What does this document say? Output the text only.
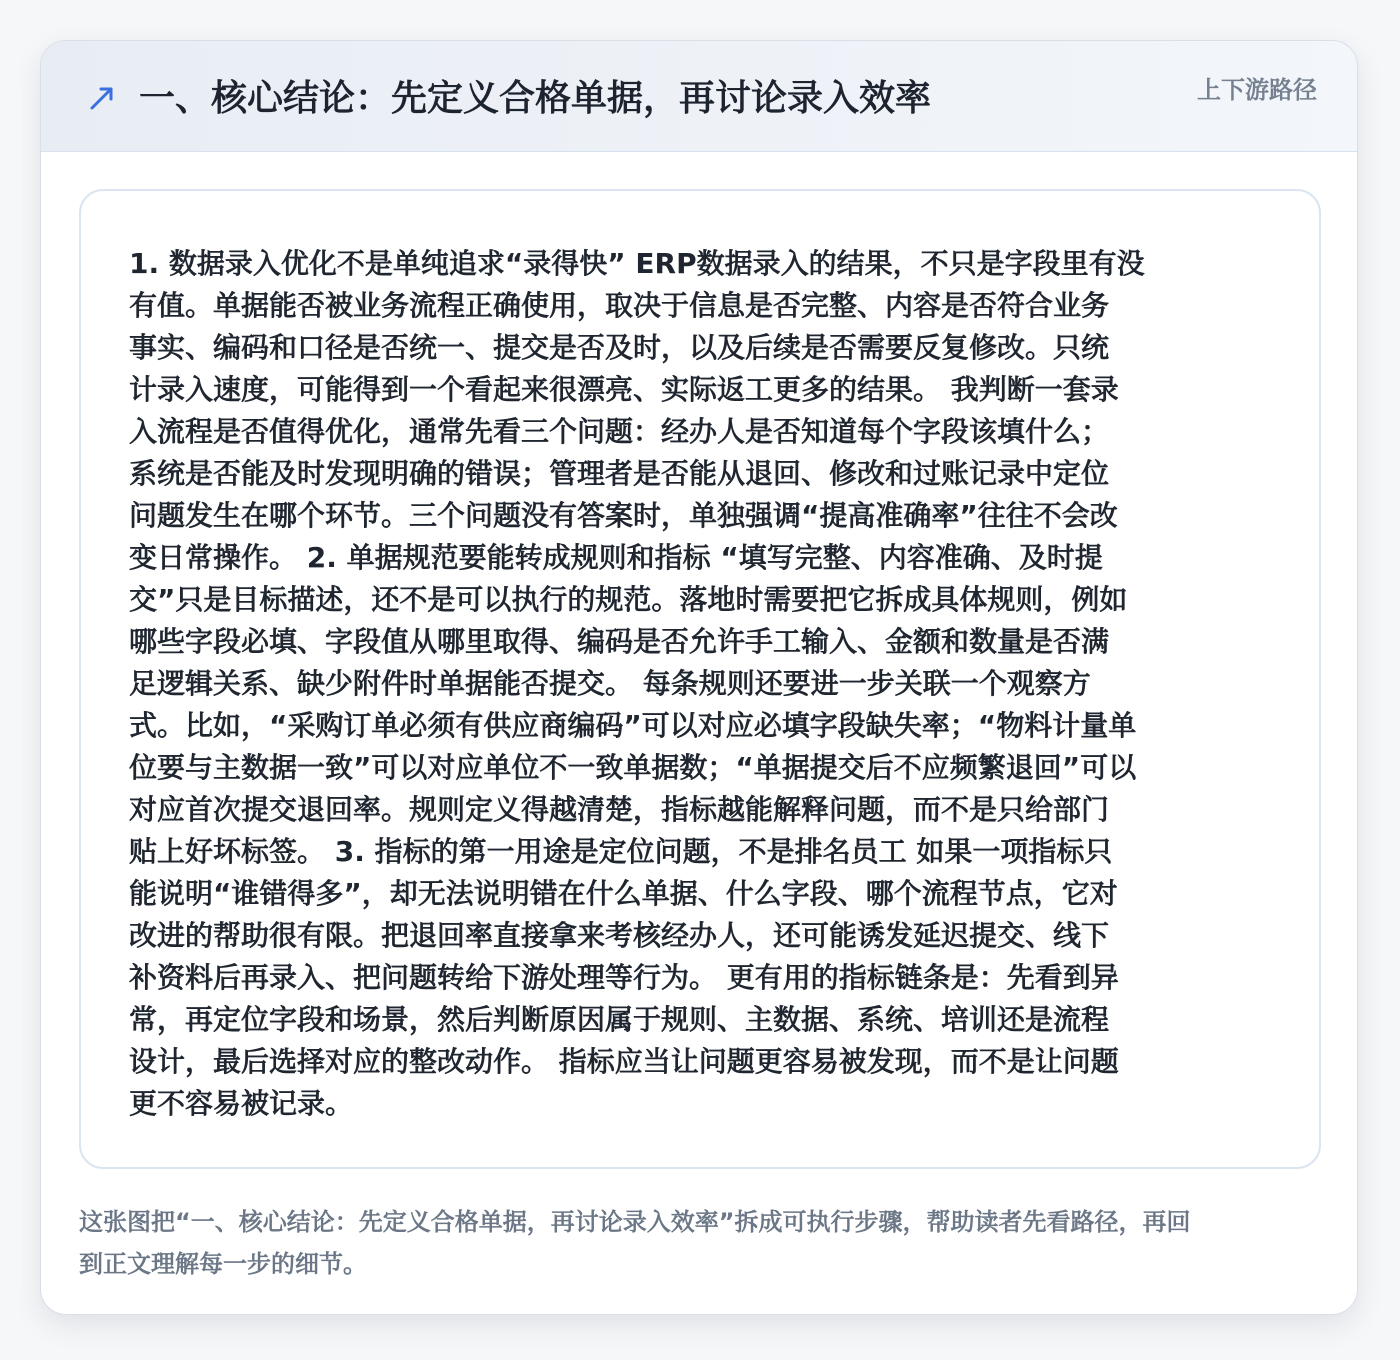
一、核心结论：先定义合格单据，再讨论录入效率	上下游路径

1. 数据录入优化不是单纯追求“录得快” ERP数据录入的结果，不只是字段里有没
有值。单据能否被业务流程正确使用，取决于信息是否完整、内容是否符合业务
事实、编码和口径是否统一、提交是否及时，以及后续是否需要反复修改。只统
计录入速度，可能得到一个看起来很漂亮、实际返工更多的结果。 我判断一套录
入流程是否值得优化，通常先看三个问题：经办人是否知道每个字段该填什么；
系统是否能及时发现明确的错误；管理者是否能从退回、修改和过账记录中定位
问题发生在哪个环节。三个问题没有答案时，单独强调“提高准确率”往往不会改
变日常操作。 2. 单据规范要能转成规则和指标 “填写完整、内容准确、及时提
交”只是目标描述，还不是可以执行的规范。落地时需要把它拆成具体规则，例如
哪些字段必填、字段值从哪里取得、编码是否允许手工输入、金额和数量是否满
足逻辑关系、缺少附件时单据能否提交。 每条规则还要进一步关联一个观察方
式。比如，“采购订单必须有供应商编码”可以对应必填字段缺失率；“物料计量单
位要与主数据一致”可以对应单位不一致单据数；“单据提交后不应频繁退回”可以
对应首次提交退回率。规则定义得越清楚，指标越能解释问题，而不是只给部门
贴上好坏标签。 3. 指标的第一用途是定位问题，不是排名员工 如果一项指标只
能说明“谁错得多”，却无法说明错在什么单据、什么字段、哪个流程节点，它对
改进的帮助很有限。把退回率直接拿来考核经办人，还可能诱发延迟提交、线下
补资料后再录入、把问题转给下游处理等行为。 更有用的指标链条是：先看到异
常，再定位字段和场景，然后判断原因属于规则、主数据、系统、培训还是流程
设计，最后选择对应的整改动作。 指标应当让问题更容易被发现，而不是让问题
更不容易被记录。

这张图把“一、核心结论：先定义合格单据，再讨论录入效率”拆成可执行步骤，帮助读者先看路径，再回
到正文理解每一步的细节。
